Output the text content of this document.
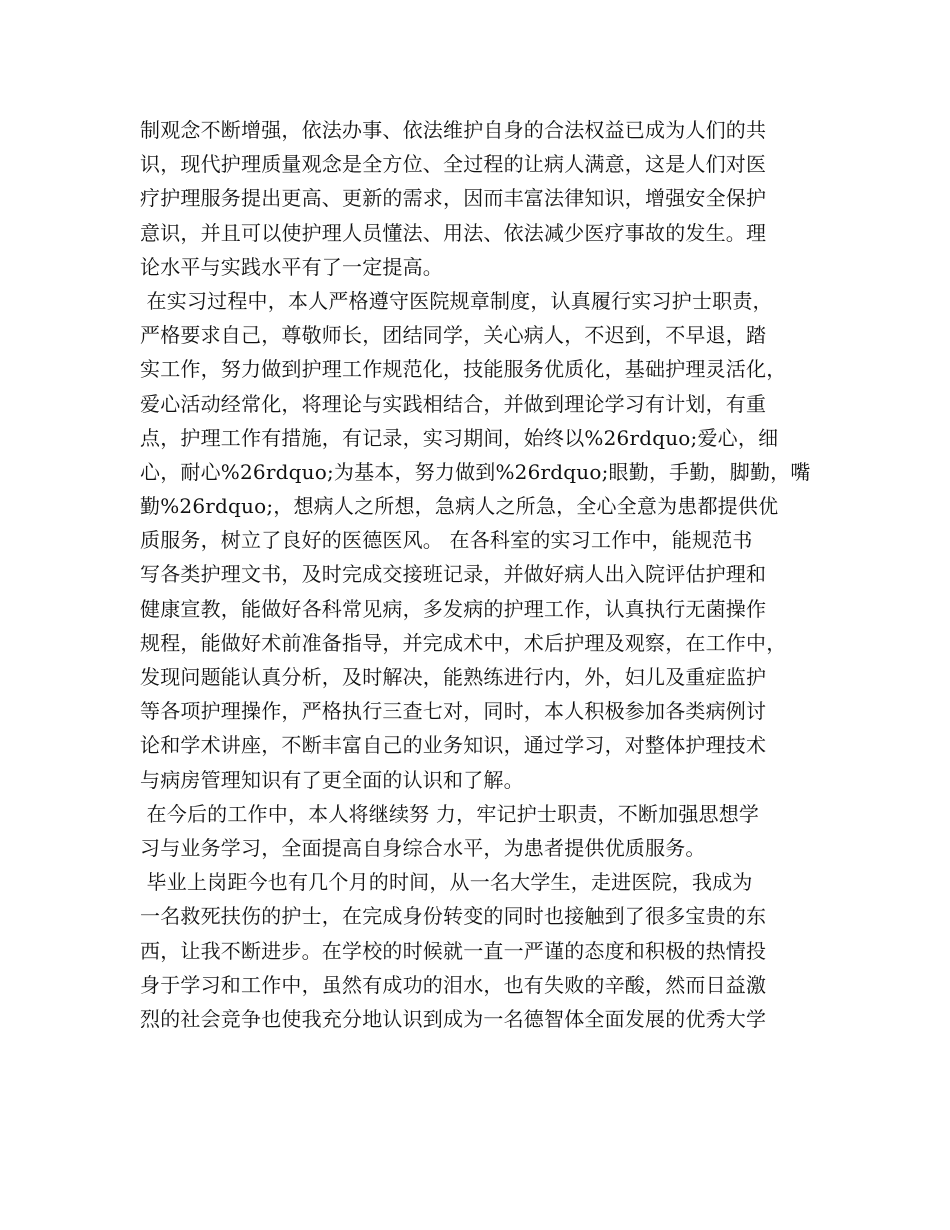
制观念不断增强，依法办事、依法维护自身的合法权益已成为人们的共
识，现代护理质量观念是全方位、全过程的让病人满意，这是人们对医
疗护理服务提出更高、更新的需求，因而丰富法律知识，增强安全保护
意识，并且可以使护理人员懂法、用法、依法减少医疗事故的发生。理
论水平与实践水平有了一定提高。
在实习过程中，本人严格遵守医院规章制度，认真履行实习护士职责，
严格要求自己，尊敬师长，团结同学，关心病人，不迟到，不早退，踏
实工作，努力做到护理工作规范化，技能服务优质化，基础护理灵活化，
爱心活动经常化，将理论与实践相结合，并做到理论学习有计划，有重
点，护理工作有措施，有记录，实习期间，始终以%26rdquo;爱心，细
心，耐心%26rdquo;为基本，努力做到%26rdquo;眼勤，手勤，脚勤，嘴
勤%26rdquo;，想病人之所想，急病人之所急，全心全意为患都提供优
质服务，树立了良好的医德医风。 在各科室的实习工作中，能规范书
写各类护理文书，及时完成交接班记录，并做好病人出入院评估护理和
健康宣教，能做好各科常见病，多发病的护理工作，认真执行无菌操作
规程，能做好术前准备指导，并完成术中，术后护理及观察，在工作中，
发现问题能认真分析，及时解决，能熟练进行内，外，妇儿及重症监护
等各项护理操作，严格执行三查七对，同时，本人积极参加各类病例讨
论和学术讲座，不断丰富自己的业务知识，通过学习，对整体护理技术
与病房管理知识有了更全面的认识和了解。
在今后的工作中，本人将继续努 力，牢记护士职责，不断加强思想学
习与业务学习，全面提高自身综合水平，为患者提供优质服务。
毕业上岗距今也有几个月的时间，从一名大学生，走进医院，我成为
一名救死扶伤的护士，在完成身份转变的同时也接触到了很多宝贵的东
西，让我不断进步。在学校的时候就一直一严谨的态度和积极的热情投
身于学习和工作中，虽然有成功的泪水，也有失败的辛酸，然而日益激
烈的社会竞争也使我充分地认识到成为一名德智体全面发展的优秀大学
